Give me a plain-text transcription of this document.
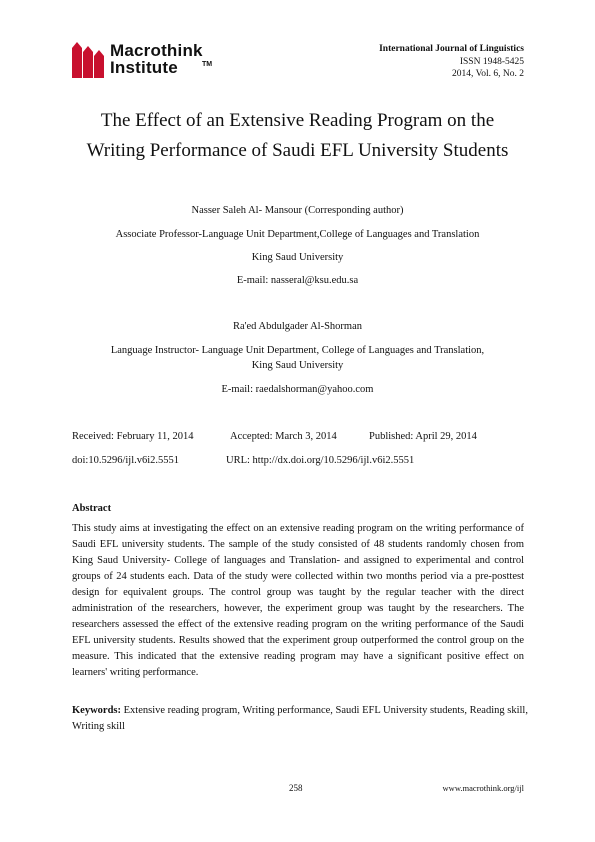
Macrothink
Institute	TM
International Journal of Linguistics
ISSN 1948-5425
2014, Vol. 6, No. 2
The Effect of an Extensive Reading Program on the
Writing Performance of Saudi EFL University Students
Nasser Saleh Al- Mansour (Corresponding author)
Associate Professor-Language Unit Department,College of Languages and Translation
King Saud University
E-mail: nasseral@ksu.edu.sa
Ra'ed Abdulgader Al-Shorman
Language Instructor- Language Unit Department, College of Languages and Translation,
King Saud University
E-mail: raedalshorman@yahoo.com
Received: February 11, 2014	Accepted: March 3, 2014	Published: April 29, 2014
doi:10.5296/ijl.v6i2.5551	URL: http://dx.doi.org/10.5296/ijl.v6i2.5551
Abstract
This study aims at investigating the effect on an extensive reading program on the writing performance of Saudi EFL university students. The sample of the study consisted of 48 students randomly chosen from King Saud University- College of languages and Translation- and assigned to experimental and control groups of 24 students each. Data of the study were collected within two months period via a pre-posttest design for equivalent groups. The control group was taught by the regular teacher with the direct administration of the researchers, however, the experiment group was taught by the researchers. The researchers assessed the effect of the extensive reading program on the writing performance of the Saudi EFL university students. Results showed that the experiment group outperformed the control group on the measure. This indicated that the extensive reading program may have a significant positive effect on learners' writing performance.
Keywords: Extensive reading program, Writing performance, Saudi EFL University students, Reading skill, Writing skill
258	www.macrothink.org/ijl
